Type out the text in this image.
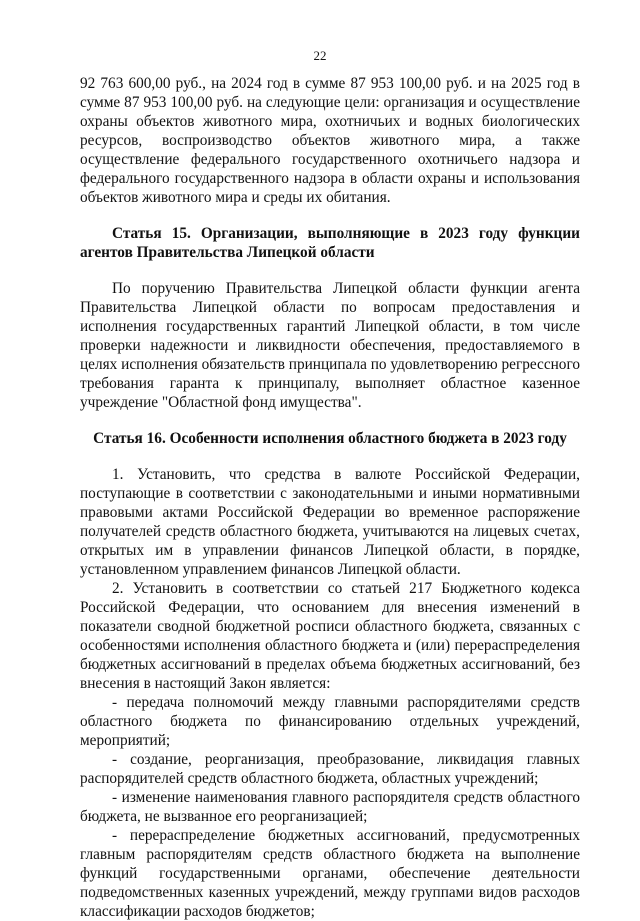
22

92 763 600,00 руб., на 2024 год в сумме 87 953 100,00 руб. и на 2025 год в сумме 87 953 100,00 руб. на следующие цели: организация и осуществление охраны объектов животного мира, охотничьих и водных биологических ресурсов, воспроизводство объектов животного мира, а также осуществление федерального государственного охотничьего надзора и федерального государственного надзора в области охраны и использования объектов животного мира и среды их обитания.

Статья 15. Организации, выполняющие в 2023 году функции агентов Правительства Липецкой области

По поручению Правительства Липецкой области функции агента Правительства Липецкой области по вопросам предоставления и исполнения государственных гарантий Липецкой области, в том числе проверки надежности и ликвидности обеспечения, предоставляемого в целях исполнения обязательств принципала по удовлетворению регрессного требования гаранта к принципалу, выполняет областное казенное учреждение "Областной фонд имущества".

Статья 16. Особенности исполнения областного бюджета в 2023 году

1. Установить, что средства в валюте Российской Федерации, поступающие в соответствии с законодательными и иными нормативными правовыми актами Российской Федерации во временное распоряжение получателей средств областного бюджета, учитываются на лицевых счетах, открытых им в управлении финансов Липецкой области, в порядке, установленном управлением финансов Липецкой области.

2. Установить в соответствии со статьей 217 Бюджетного кодекса Российской Федерации, что основанием для внесения изменений в показатели сводной бюджетной росписи областного бюджета, связанных с особенностями исполнения областного бюджета и (или) перераспределения бюджетных ассигнований в пределах объема бюджетных ассигнований, без внесения в настоящий Закон является:

- передача полномочий между главными распорядителями средств областного бюджета по финансированию отдельных учреждений, мероприятий;

- создание, реорганизация, преобразование, ликвидация главных распорядителей средств областного бюджета, областных учреждений;

- изменение наименования главного распорядителя средств областного бюджета, не вызванное его реорганизацией;

- перераспределение бюджетных ассигнований, предусмотренных главным распорядителям средств областного бюджета на выполнение функций государственными органами, обеспечение деятельности подведомственных казенных учреждений, между группами видов расходов классификации расходов бюджетов;
